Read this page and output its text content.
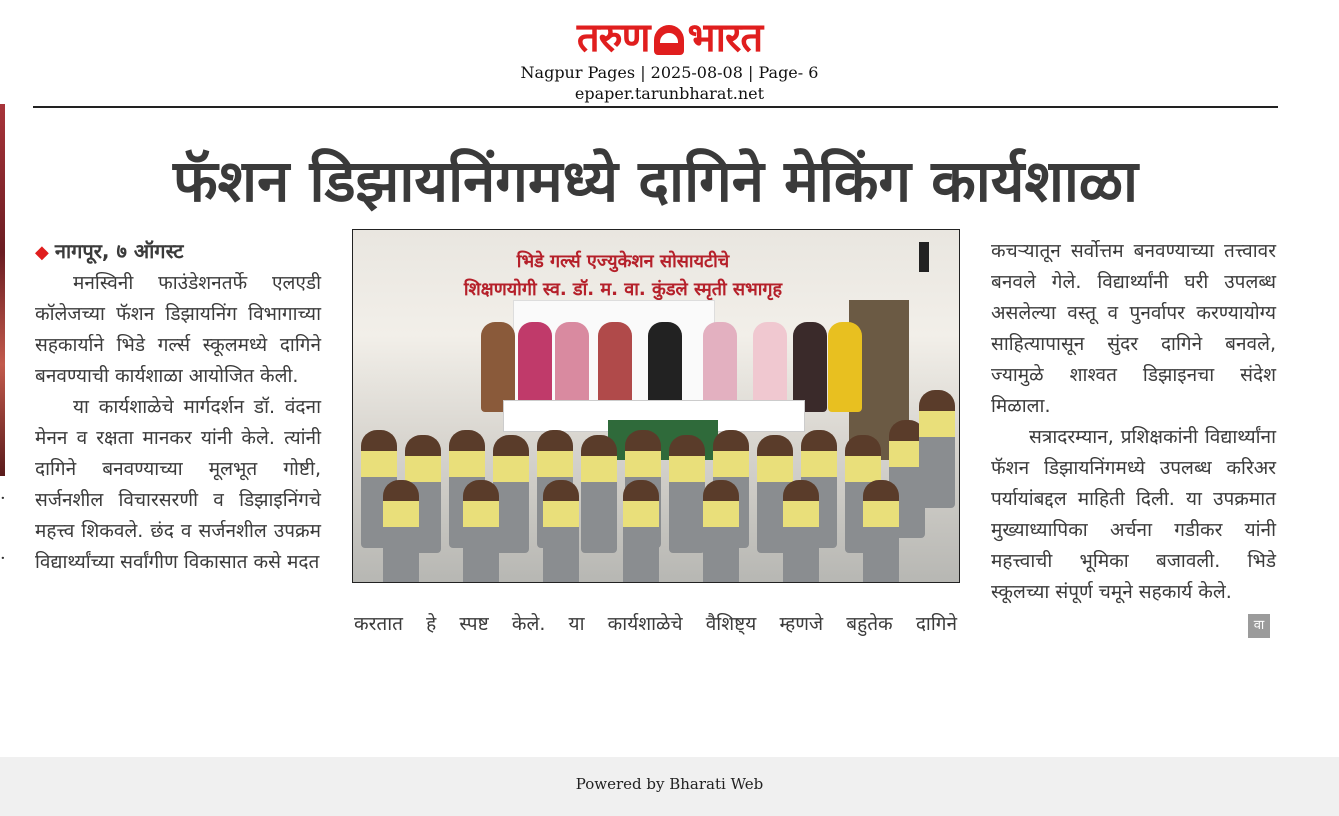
तरुण भारत
Nagpur Pages | 2025-08-08 | Page- 6
epaper.tarunbharat.net
·
·
फॅशन डिझायनिंगमध्ये दागिने मेकिंग कार्यशाळा
◆ नागपूर, ७ ऑगस्ट

मनस्विनी फाउंडेशनतर्फे एलएडी कॉलेजच्या फॅशन डिझायनिंग विभागाच्या सहकार्याने भिडे गर्ल्स स्कूलमध्ये दागिने बनवण्याची कार्यशाळा आयोजित केली.

या कार्यशाळेचे मार्गदर्शन डॉ. वंदना मेनन व रक्षता मानकर यांनी केले. त्यांनी दागिने बनवण्याच्या मूलभूत गोष्टी, सर्जनशील विचारसरणी व डिझाइनिंगचे महत्त्व शिकवले. छंद व सर्जनशील उपक्रम विद्यार्थ्यांच्या सर्वांगीण विकासात कसे मदत

भिडे गर्ल्स एज्युकेशन सोसायटीचे
शिक्षणयोगी स्व. डॉ. म. वा. कुंडले स्मृती सभागृह
करतात हे स्पष्ट केले. या कार्यशाळेचे वैशिष्ट्य म्हणजे बहुतेक दागिने

कचऱ्यातून सर्वोत्तम बनवण्याच्या तत्त्वावर बनवले गेले. विद्यार्थ्यांनी घरी उपलब्ध असलेल्या वस्तू व पुनर्वापर करण्यायोग्य साहित्यापासून सुंदर दागिने बनवले, ज्यामुळे शाश्वत डिझाइनचा संदेश मिळाला.

सत्रादरम्यान, प्रशिक्षकांनी विद्यार्थ्यांना फॅशन डिझायनिंगमध्ये उपलब्ध करिअर पर्यायांबद्दल माहिती दिली. या उपक्रमात मुख्याध्यापिका अर्चना गडीकर यांनी महत्त्वाची भूमिका बजावली. भिडे स्कूलच्या संपूर्ण चमूने सहकार्य केले.

वा
Powered by Bharati Web
